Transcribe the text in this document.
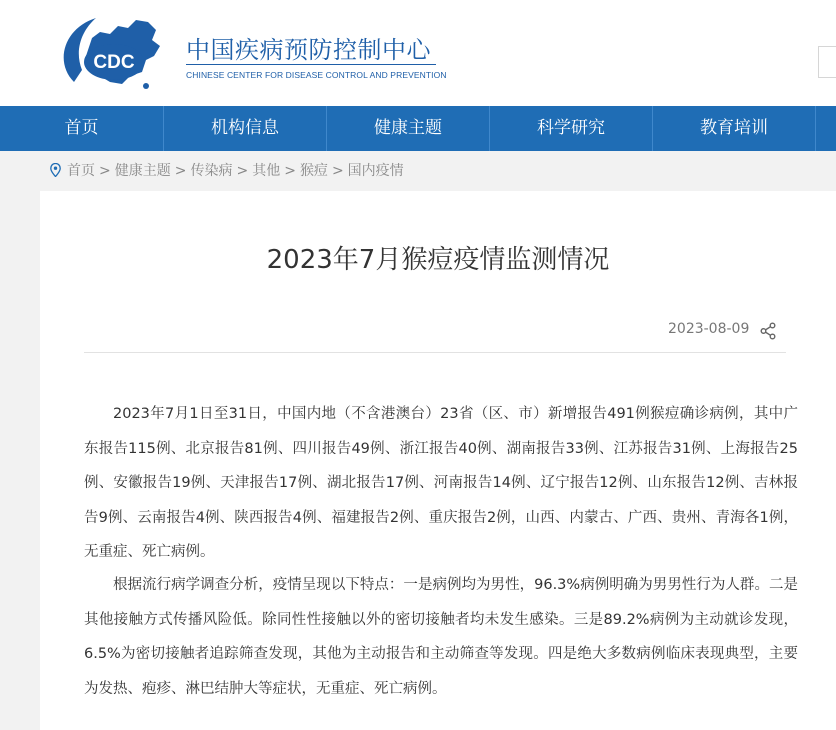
CDC 中国疾病预防控制中心
CHINESE CENTER FOR DISEASE CONTROL AND PREVENTION
首页	机构信息	健康主题	科学研究	教育培训
首页 > 健康主题 > 传染病 > 其他 > 猴痘 > 国内疫情
2023年7月猴痘疫情监测情况
2023-08-09

2023年7月1日至31日，中国内地（不含港澳台）23省（区、市）新增报告491例猴痘确诊病例，其中广东报告115例、北京报告81例、四川报告49例、浙江报告40例、湖南报告33例、江苏报告31例、上海报告25例、安徽报告19例、天津报告17例、湖北报告17例、河南报告14例、辽宁报告12例、山东报告12例、吉林报告9例、云南报告4例、陕西报告4例、福建报告2例、重庆报告2例，山西、内蒙古、广西、贵州、青海各1例，无重症、死亡病例。

根据流行病学调查分析，疫情呈现以下特点：一是病例均为男性，96.3%病例明确为男男性行为人群。二是其他接触方式传播风险低。除同性性接触以外的密切接触者均未发生感染。三是89.2%病例为主动就诊发现，6.5%为密切接触者追踪筛查发现，其他为主动报告和主动筛查等发现。四是绝大多数病例临床表现典型，主要为发热、疱疹、淋巴结肿大等症状，无重症、死亡病例。
